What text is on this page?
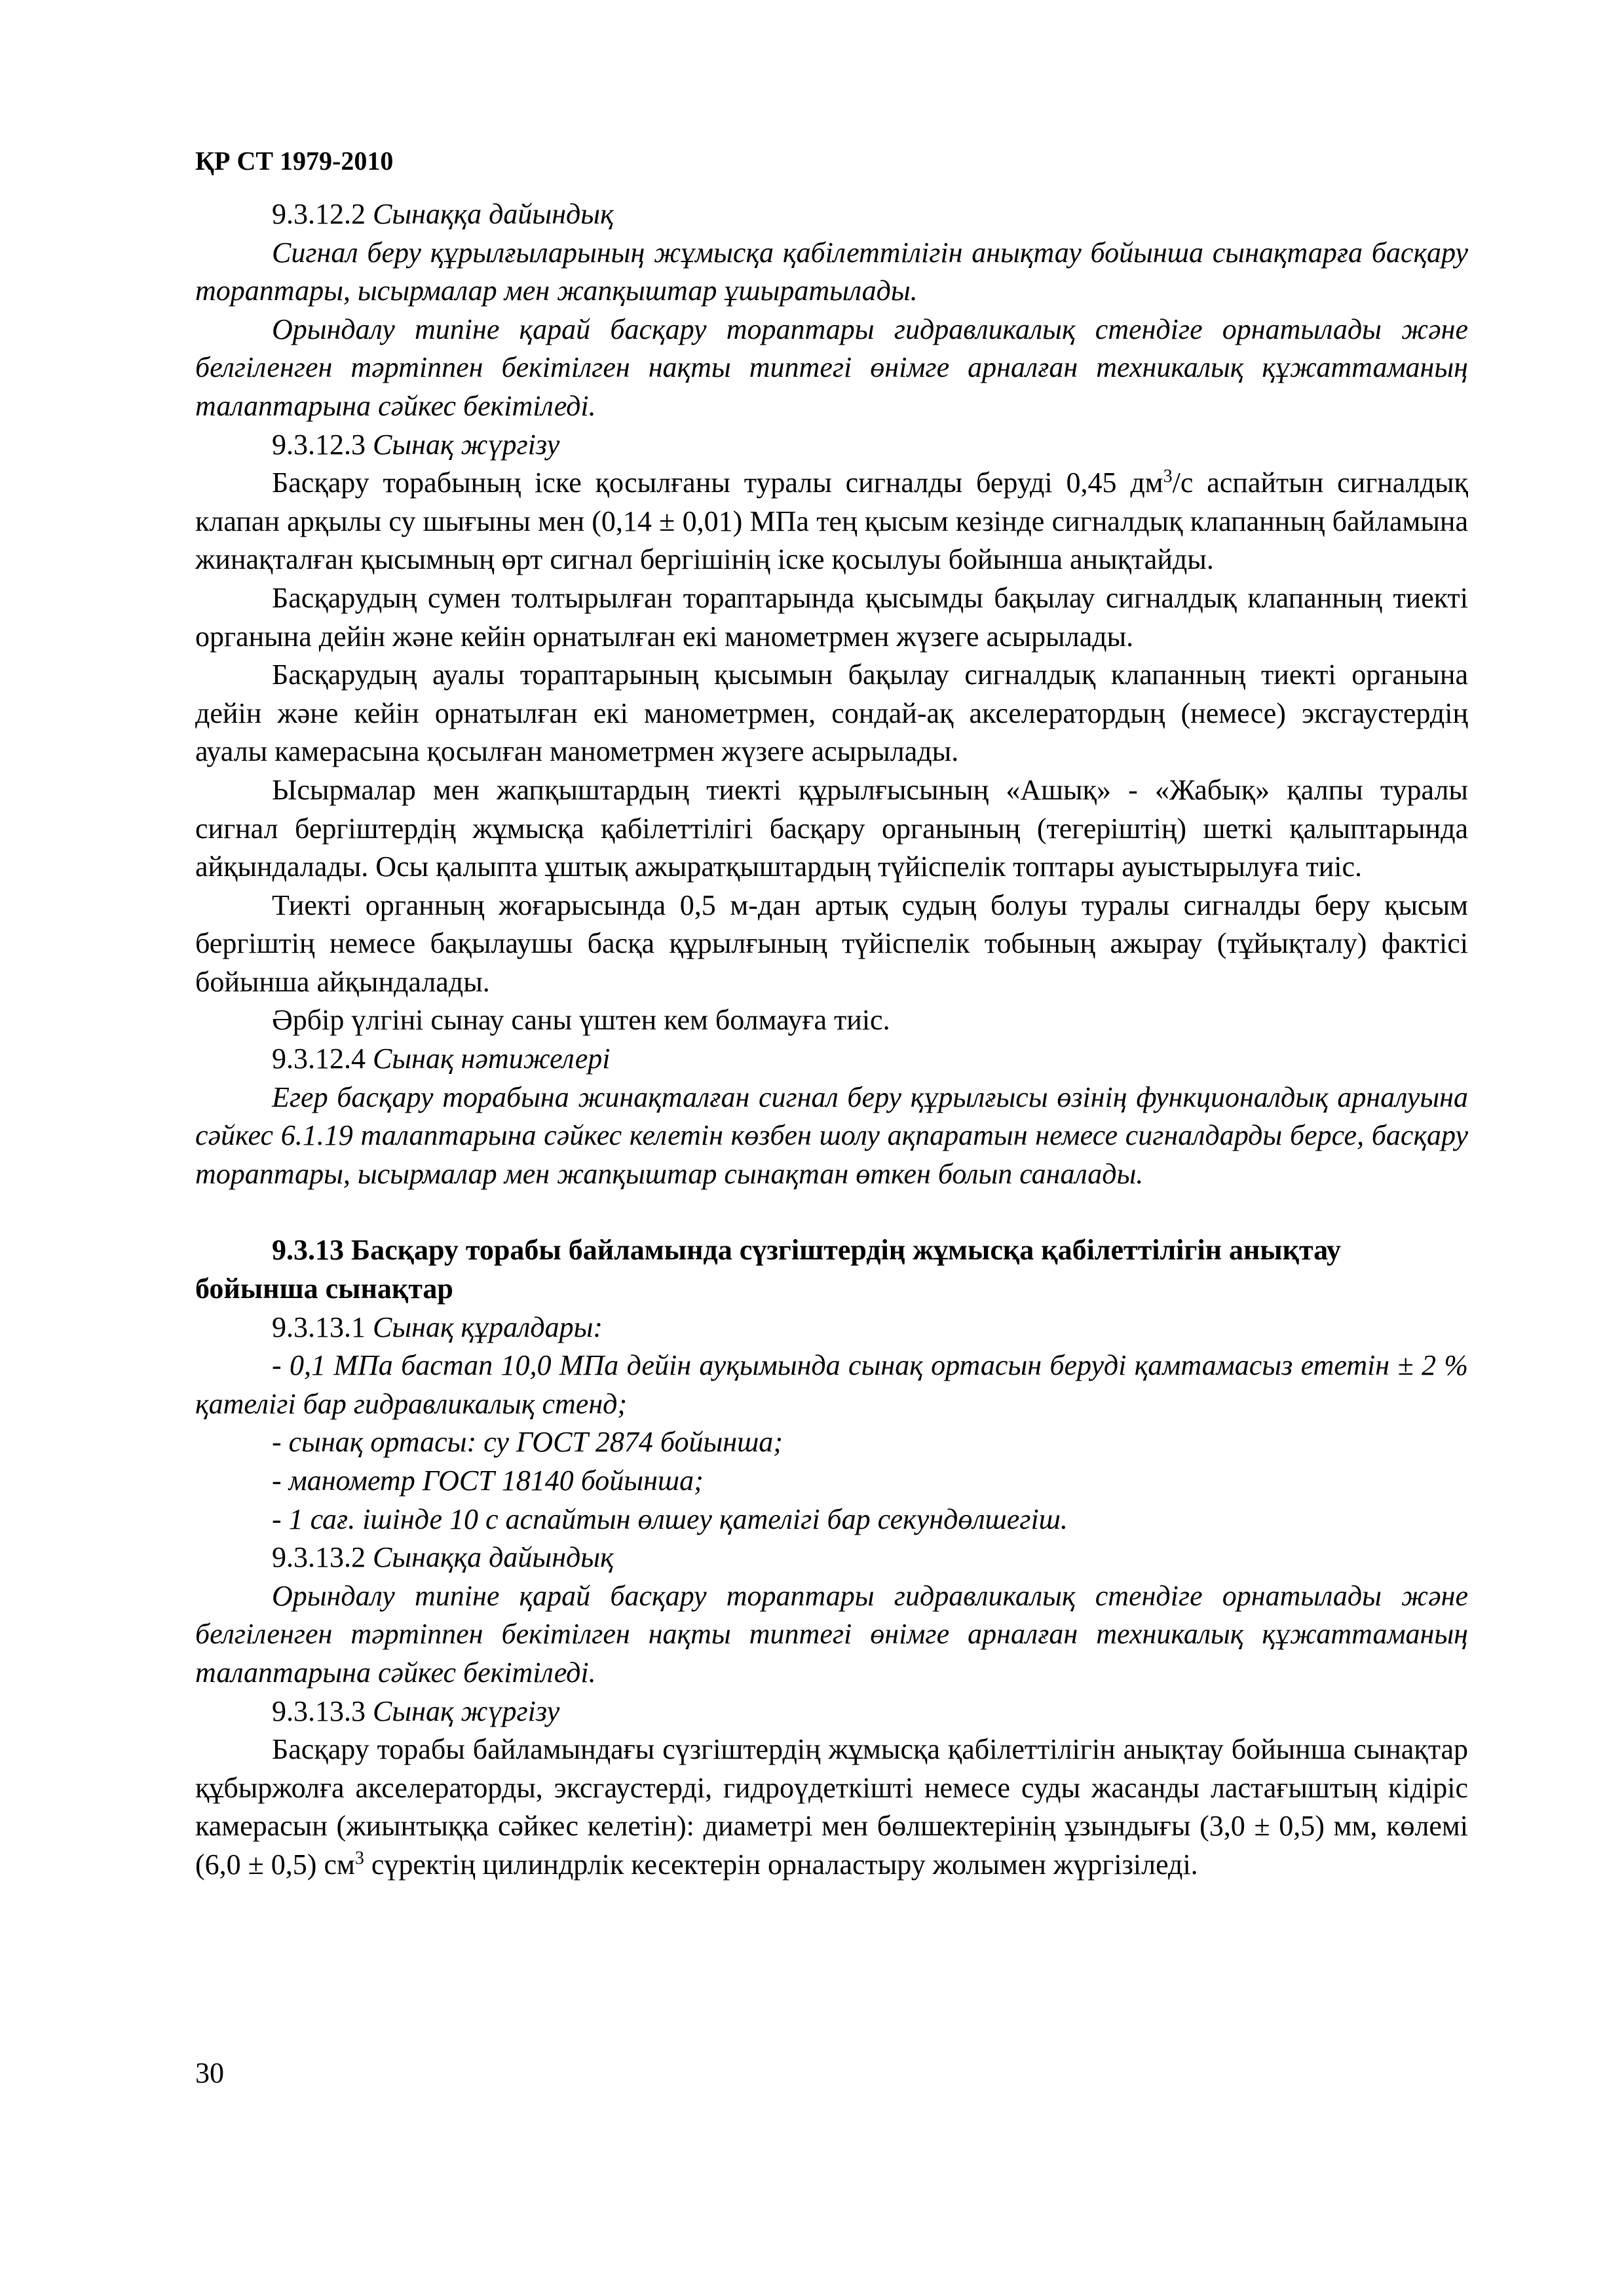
ҚР СТ 1979-2010

9.3.12.2 Сынаққа дайындық

Сигнал беру құрылғыларының жұмысқа қабілеттілігін анықтау бойынша сынақтарға басқару тораптары, ысырмалар мен жапқыштар ұшыратылады.

Орындалу типіне қарай басқару тораптары гидравликалық стендіге орнатылады және белгіленген тәртіппен бекітілген нақты типтегі өнімге арналған техникалық құжаттаманың талаптарына сәйкес бекітіледі.

9.3.12.3 Сынақ жүргізу

Басқару торабының іске қосылғаны туралы сигналды беруді 0,45 $дм^3/с$ аспайтын сигналдық клапан арқылы су шығыны мен (0,14 ± 0,01) МПа тең қысым кезінде сигналдық клапанның байламына жинақталған қысымның өрт сигнал бергішінің іске қосылуы бойынша анықтайды.

Басқарудың сумен толтырылған тораптарында қысымды бақылау сигналдық клапанның тиекті органына дейін және кейін орнатылған екі манометрмен жүзеге асырылады.

Басқарудың ауалы тораптарының қысымын бақылау сигналдық клапанның тиекті органына дейін және кейін орнатылған екі манометрмен, сондай-ақ акселератордың (немесе) эксгаустердің ауалы камерасына қосылған манометрмен жүзеге асырылады.

Ысырмалар мен жапқыштардың тиекті құрылғысының «Ашық» - «Жабық» қалпы туралы сигнал бергіштердің жұмысқа қабілеттілігі басқару органының (тегеріштің) шеткі қалыптарында айқындалады. Осы қалыпта ұштық ажыратқыштардың түйіспелік топтары ауыстырылуға тиіс.

Тиекті органның жоғарысында 0,5 м-дан артық судың болуы туралы сигналды беру қысым бергіштің немесе бақылаушы басқа құрылғының түйіспелік тобының ажырау (тұйықталу) фактісі бойынша айқындалады.

Әрбір үлгіні сынау саны үштен кем болмауға тиіс.

9.3.12.4 Сынақ нәтижелері

Егер басқару торабына жинақталған сигнал беру құрылғысы өзінің функционалдық арналуына сәйкес 6.1.19 талаптарына сәйкес келетін көзбен шолу ақпаратын немесе сигналдарды берсе, басқару тораптары, ысырмалар мен жапқыштар сынақтан өткен болып саналады.

9.3.13 Басқару торабы байламында сүзгіштердің жұмысқа қабілеттілігін анықтау бойынша сынақтар

9.3.13.1 Сынақ құралдары:

- 0,1 МПа бастап 10,0 МПа дейін ауқымында сынақ ортасын беруді қамтамасыз ететін ± 2 % қателігі бар гидравликалық стенд;

- сынақ ортасы: су ГОСТ 2874 бойынша;

- манометр ГОСТ 18140 бойынша;

- 1 сағ. ішінде 10 с аспайтын өлшеу қателігі бар секундөлшегіш.

9.3.13.2 Сынаққа дайындық

Орындалу типіне қарай басқару тораптары гидравликалық стендіге орнатылады және белгіленген тәртіппен бекітілген нақты типтегі өнімге арналған техникалық құжаттаманың талаптарына сәйкес бекітіледі.

9.3.13.3 Сынақ жүргізу

Басқару торабы байламындағы сүзгіштердің жұмысқа қабілеттілігін анықтау бойынша сынақтар құбыржолға акселераторды, эксгаустерді, гидроүдеткішті немесе суды жасанды ластағыштың кідіріс камерасын (жиынтыққа сәйкес келетін): диаметрі мен бөлшектерінің ұзындығы (3,0 ± 0,5) мм, көлемі (6,0 ± 0,5) $см^3$ сүректің цилиндрлік кесектерін орналастыру жолымен жүргізіледі.

30
